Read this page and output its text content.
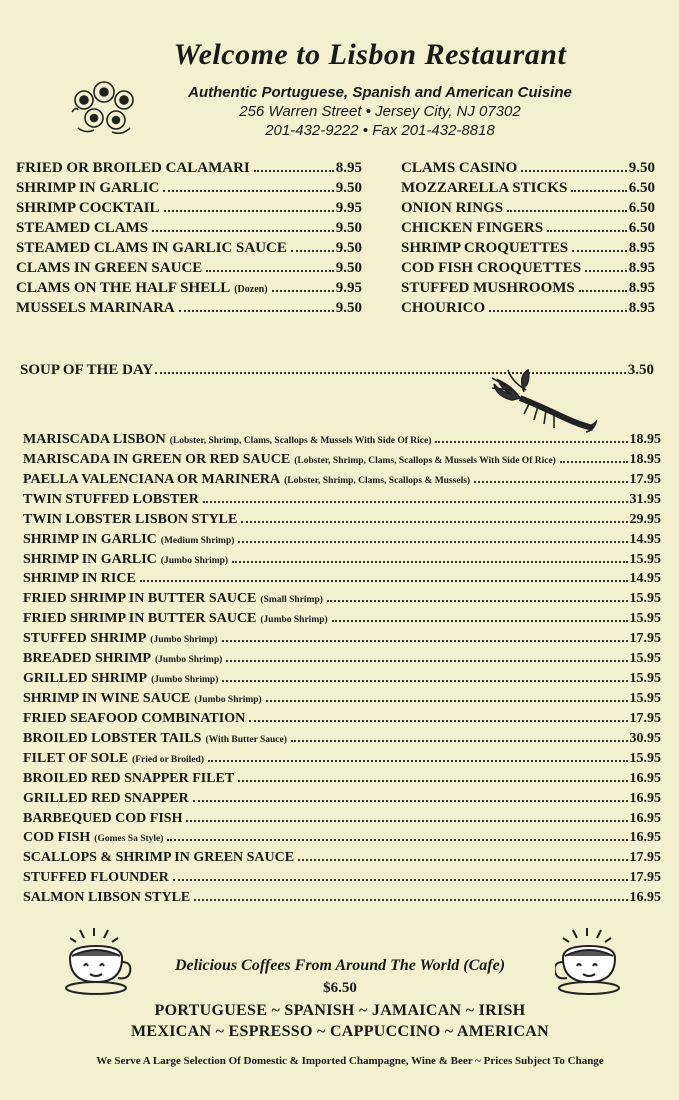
Welcome to Lisbon Restaurant
Authentic Portuguese, Spanish and American Cuisine
256 Warren Street • Jersey City, NJ 07302
201-432-9222 • Fax 201-432-8818
FRIED OR BROILED CALAMARI	8.95
SHRIMP IN GARLIC	9.50
SHRIMP COCKTAIL	9.95
STEAMED CLAMS	9.50
STEAMED CLAMS IN GARLIC SAUCE	9.50
CLAMS IN GREEN SAUCE	9.50
CLAMS ON THE HALF SHELL (Dozen)	9.95
MUSSELS MARINARA	9.50
CLAMS CASINO	9.50
MOZZARELLA STICKS	6.50
ONION RINGS	6.50
CHICKEN FINGERS	6.50
SHRIMP CROQUETTES	8.95
COD FISH CROQUETTES	8.95
STUFFED MUSHROOMS	8.95
CHOURICO	8.95
SOUP OF THE DAY	3.50
MARISCADA LISBON (Lobster, Shrimp, Clams, Scallops & Mussels With Side Of Rice)	18.95
MARISCADA IN GREEN OR RED SAUCE (Lobster, Shrimp, Clams, Scallops & Mussels With Side Of Rice)	18.95
PAELLA VALENCIANA OR MARINERA (Lobster, Shrimp, Clams, Scallops & Mussels)	17.95
TWIN STUFFED LOBSTER	31.95
TWIN LOBSTER LISBON STYLE	29.95
SHRIMP IN GARLIC (Medium Shrimp)	14.95
SHRIMP IN GARLIC (Jumbo Shrimp)	15.95
SHRIMP IN RICE	14.95
FRIED SHRIMP IN BUTTER SAUCE (Small Shrimp)	15.95
FRIED SHRIMP IN BUTTER SAUCE (Jumbo Shrimp)	15.95
STUFFED SHRIMP (Jumbo Shrimp)	17.95
BREADED SHRIMP (Jumbo Shrimp)	15.95
GRILLED SHRIMP (Jumbo Shrimp)	15.95
SHRIMP IN WINE SAUCE (Jumbo Shrimp)	15.95
FRIED SEAFOOD COMBINATION	17.95
BROILED LOBSTER TAILS (With Butter Sauce)	30.95
FILET OF SOLE (Fried or Broiled)	15.95
BROILED RED SNAPPER FILET	16.95
GRILLED RED SNAPPER	16.95
BARBEQUED COD FISH	16.95
COD FISH (Gomes Sa Style)	16.95
SCALLOPS & SHRIMP IN GREEN SAUCE	17.95
STUFFED FLOUNDER	17.95
SALMON LIBSON STYLE	16.95
Delicious Coffees From Around The World (Cafe)
$6.50
PORTUGUESE ~ SPANISH ~ JAMAICAN ~ IRISH
MEXICAN ~ ESPRESSO ~ CAPPUCCINO ~ AMERICAN
We Serve A Large Selection Of Domestic & Imported Champagne, Wine & Beer ~ Prices Subject To Change
